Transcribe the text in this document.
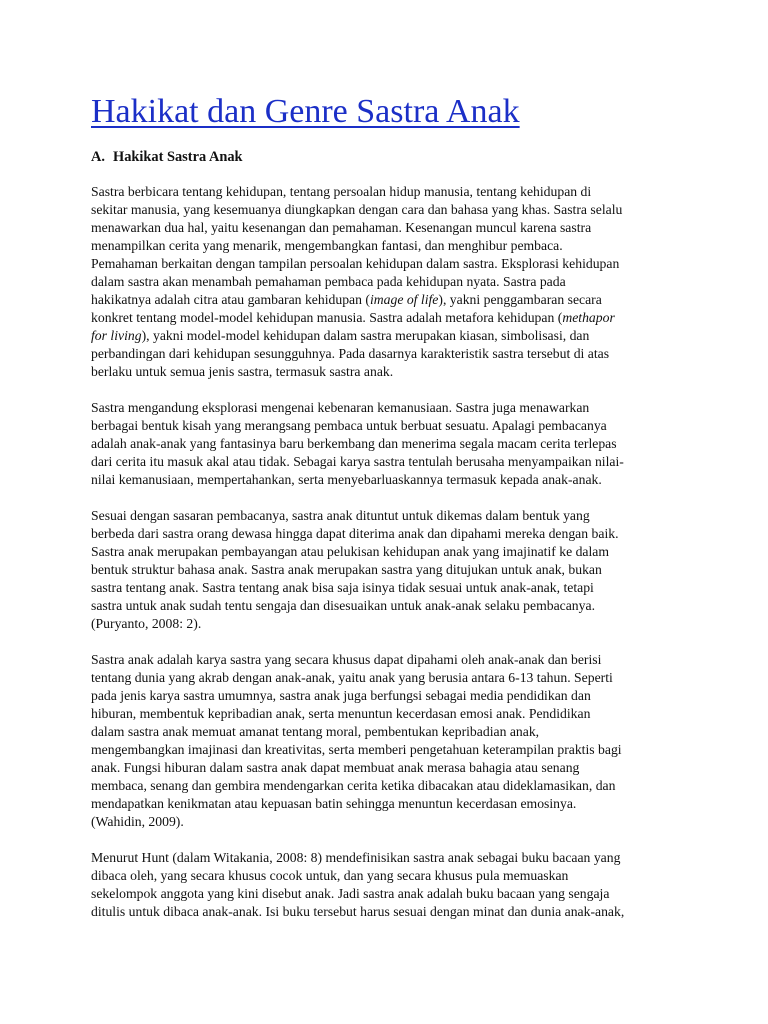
Hakikat dan Genre Sastra Anak
A. Hakikat Sastra Anak

Sastra berbicara tentang kehidupan, tentang persoalan hidup manusia, tentang kehidupan di
sekitar manusia, yang kesemuanya diungkapkan dengan cara dan bahasa yang khas. Sastra selalu
menawarkan dua hal, yaitu kesenangan dan pemahaman. Kesenangan muncul karena sastra
menampilkan cerita yang menarik, mengembangkan fantasi, dan menghibur pembaca.
Pemahaman berkaitan dengan tampilan persoalan kehidupan dalam sastra. Eksplorasi kehidupan
dalam sastra akan menambah pemahaman pembaca pada kehidupan nyata. Sastra pada
hakikatnya adalah citra atau gambaran kehidupan (image of life), yakni penggambaran secara
konkret tentang model-model kehidupan manusia. Sastra adalah metafora kehidupan (methapor
for living), yakni model-model kehidupan dalam sastra merupakan kiasan, simbolisasi, dan
perbandingan dari kehidupan sesungguhnya. Pada dasarnya karakteristik sastra tersebut di atas
berlaku untuk semua jenis sastra, termasuk sastra anak.

Sastra mengandung eksplorasi mengenai kebenaran kemanusiaan. Sastra juga menawarkan
berbagai bentuk kisah yang merangsang pembaca untuk berbuat sesuatu. Apalagi pembacanya
adalah anak-anak yang fantasinya baru berkembang dan menerima segala macam cerita terlepas
dari cerita itu masuk akal atau tidak. Sebagai karya sastra tentulah berusaha menyampaikan nilai-
nilai kemanusiaan, mempertahankan, serta menyebarluaskannya termasuk kepada anak-anak.

Sesuai dengan sasaran pembacanya, sastra anak dituntut untuk dikemas dalam bentuk yang
berbeda dari sastra orang dewasa hingga dapat diterima anak dan dipahami mereka dengan baik.
Sastra anak merupakan pembayangan atau pelukisan kehidupan anak yang imajinatif ke dalam
bentuk struktur bahasa anak. Sastra anak merupakan sastra yang ditujukan untuk anak, bukan
sastra tentang anak. Sastra tentang anak bisa saja isinya tidak sesuai untuk anak-anak, tetapi
sastra untuk anak sudah tentu sengaja dan disesuaikan untuk anak-anak selaku pembacanya.
(Puryanto, 2008: 2).

Sastra anak adalah karya sastra yang secara khusus dapat dipahami oleh anak-anak dan berisi
tentang dunia yang akrab dengan anak-anak, yaitu anak yang berusia antara 6-13 tahun. Seperti
pada jenis karya sastra umumnya, sastra anak juga berfungsi sebagai media pendidikan dan
hiburan, membentuk kepribadian anak, serta menuntun kecerdasan emosi anak. Pendidikan
dalam sastra anak memuat amanat tentang moral, pembentukan kepribadian anak,
mengembangkan imajinasi dan kreativitas, serta memberi pengetahuan keterampilan praktis bagi
anak. Fungsi hiburan dalam sastra anak dapat membuat anak merasa bahagia atau senang
membaca, senang dan gembira mendengarkan cerita ketika dibacakan atau dideklamasikan, dan
mendapatkan kenikmatan atau kepuasan batin sehingga menuntun kecerdasan emosinya.
(Wahidin, 2009).

Menurut Hunt (dalam Witakania, 2008: 8) mendefinisikan sastra anak sebagai buku bacaan yang
dibaca oleh, yang secara khusus cocok untuk, dan yang secara khusus pula memuaskan
sekelompok anggota yang kini disebut anak. Jadi sastra anak adalah buku bacaan yang sengaja
ditulis untuk dibaca anak-anak. Isi buku tersebut harus sesuai dengan minat dan dunia anak-anak,
